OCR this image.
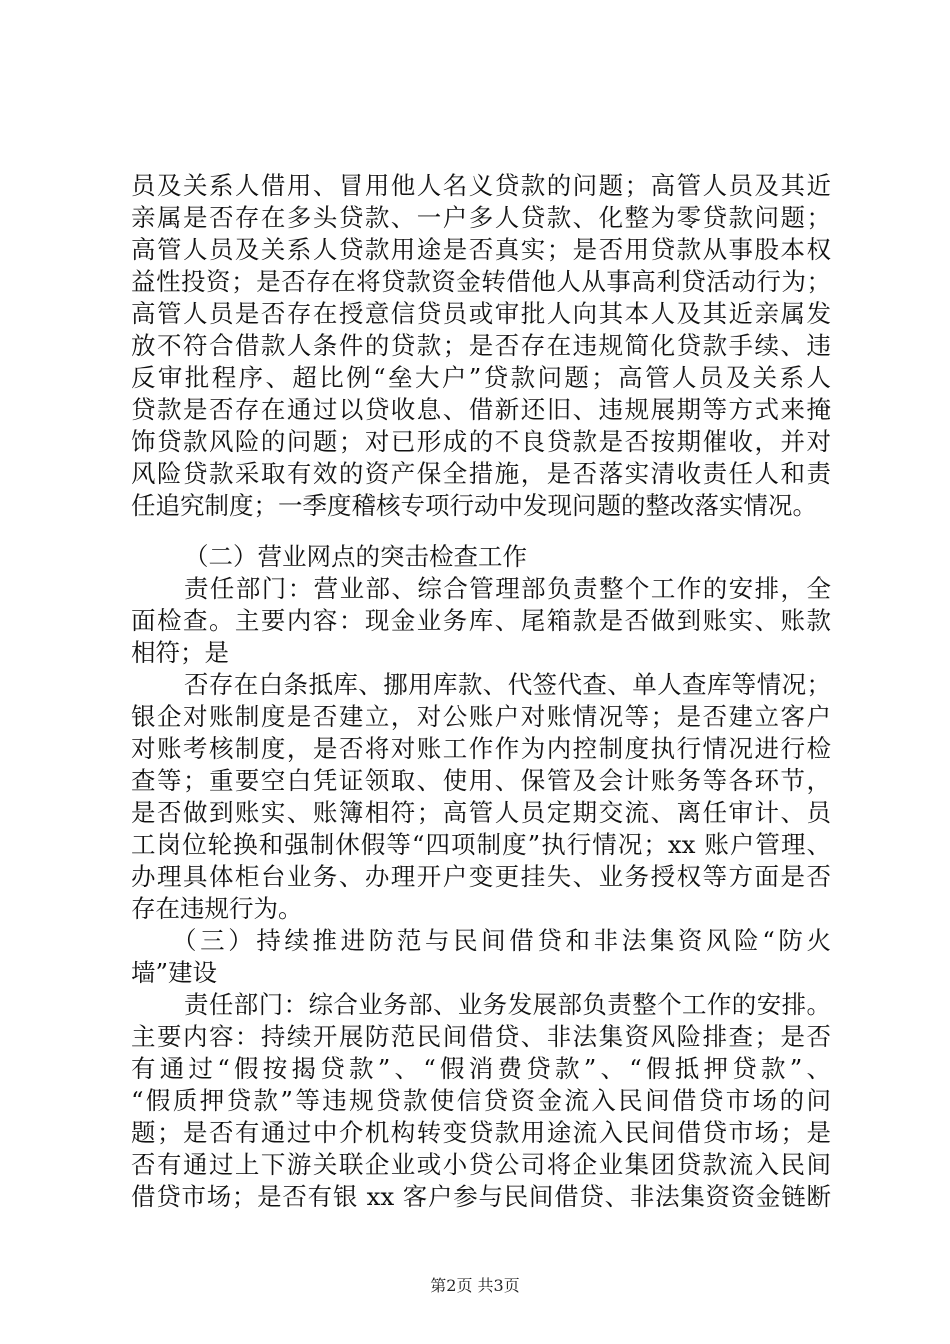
员及关系人借用、冒用他人名义贷款的问题；高管人员及其近
亲属是否存在多头贷款、一户多人贷款、化整为零贷款问题；
高管人员及关系人贷款用途是否真实；是否用贷款从事股本权
益性投资；是否存在将贷款资金转借他人从事高利贷活动行为；
高管人员是否存在授意信贷员或审批人向其本人及其近亲属发
放不符合借款人条件的贷款；是否存在违规简化贷款手续、违
反审批程序、超比例“垒大户”贷款问题；高管人员及关系人
贷款是否存在通过以贷收息、借新还旧、违规展期等方式来掩
饰贷款风险的问题；对已形成的不良贷款是否按期催收，并对
风险贷款采取有效的资产保全措施，是否落实清收责任人和责
任追究制度；一季度稽核专项行动中发现问题的整改落实情况。
（二）营业网点的突击检查工作
责任部门：营业部、综合管理部负责整个工作的安排，全
面检查。主要内容：现金业务库、尾箱款是否做到账实、账款
相符；是
否存在白条抵库、挪用库款、代签代查、单人查库等情况；
银企对账制度是否建立，对公账户对账情况等；是否建立客户
对账考核制度，是否将对账工作作为内控制度执行情况进行检
查等；重要空白凭证领取、使用、保管及会计账务等各环节，
是否做到账实、账簿相符；高管人员定期交流、离任审计、员
工岗位轮换和强制休假等“四项制度”执行情况；xx 账户管理、
办理具体柜台业务、办理开户变更挂失、业务授权等方面是否
存在违规行为。
（三）持续推进防范与民间借贷和非法集资风险“防火
墙”建设
责任部门：综合业务部、业务发展部负责整个工作的安排。
主要内容：持续开展防范民间借贷、非法集资风险排查；是否
有通过“假按揭贷款”、“假消费贷款”、“假抵押贷款”、
“假质押贷款”等违规贷款使信贷资金流入民间借贷市场的问
题；是否有通过中介机构转变贷款用途流入民间借贷市场；是
否有通过上下游关联企业或小贷公司将企业集团贷款流入民间
借贷市场；是否有银 xx 客户参与民间借贷、非法集资资金链断
第2页 共3页
